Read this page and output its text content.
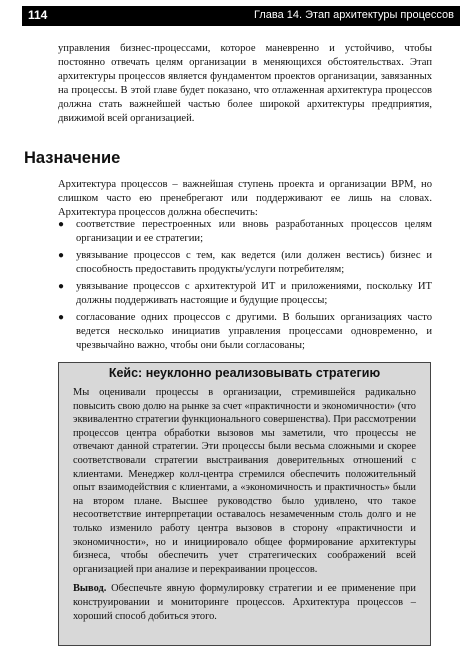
114	Глава 14. Этап архитектуры процессов

управления бизнес-процессами, которое маневренно и устойчиво, чтобы постоянно отвечать целям организации в меняющихся обстоятельствах. Этап архитектуры процессов является фундаментом проектов организации, завязанных на процессы. В этой главе будет показано, что отлаженная архитектура процессов должна стать важнейшей частью более широкой архитектуры предприятия, движимой всей организацией.

Назначение

Архитектура процессов – важнейшая ступень проекта и организации BPM, но слишком часто ею пренебрегают или поддерживают ее лишь на словах. Архитектура процессов должна обеспечить:

● соответствие перестроенных или вновь разработанных процессов целям организации и ее стратегии;
● увязывание процессов с тем, как ведется (или должен вестись) бизнес и способность предоставить продукты/услуги потребителям;
● увязывание процессов с архитектурой ИТ и приложениями, поскольку ИТ должны поддерживать настоящие и будущие процессы;
● согласование одних процессов с другими. В больших организациях часто ведется несколько инициатив управления процессами одновременно, и чрезвычайно важно, чтобы они были согласованы;
Кейс: неуклонно реализовывать стратегию

Мы оценивали процессы в организации, стремившейся радикально повысить свою долю на рынке за счет «практичности и экономичности» (что эквивалентно стратегии функционального совершенства). При рассмотрении процессов центра обработки вызовов мы заметили, что процессы не отвечают данной стратегии. Эти процессы были весьма сложными и скорее соответствовали стратегии выстраивания доверительных отношений с клиентами. Менеджер колл-центра стремился обеспечить положительный опыт взаимодействия с клиентами, а «экономичность и практичность» были на втором плане. Высшее руководство было удивлено, что такое несоответствие интерпретации оставалось незамеченным столь долго и не только изменило работу центра вызовов в сторону «практичности и экономичности», но и инициировало общее формирование архитектуры бизнеса, чтобы обеспечить учет стратегических соображений всей организацией при анализе и перекраивании процессов.

Вывод. Обеспечьте явную формулировку стратегии и ее применение при конструировании и мониторинге процессов. Архитектура процессов – хороший способ добиться этого.
